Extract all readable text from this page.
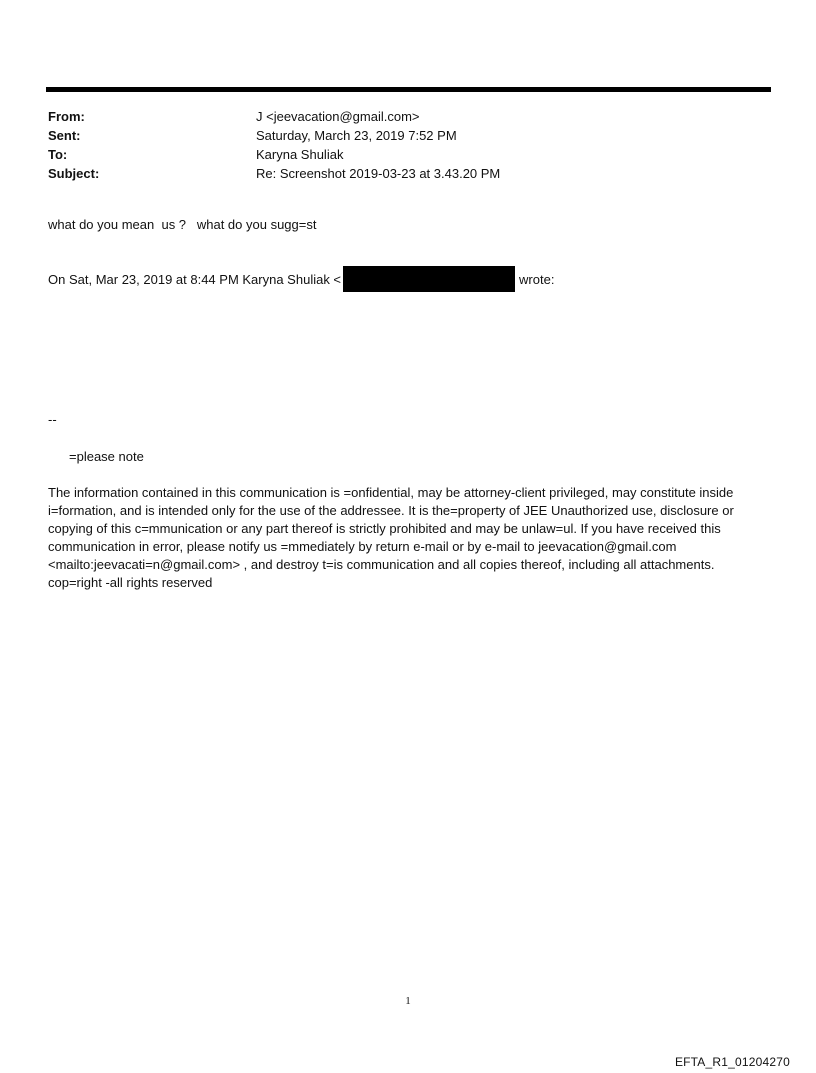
From:	J <jeevacation@gmail.com>
Sent:	Saturday, March 23, 2019 7:52 PM
To:	Karyna Shuliak
Subject:	Re: Screenshot 2019-03-23 at 3.43.20 PM
what do you mean  us ?   what do you sugg=st
On Sat, Mar 23, 2019 at 8:44 PM Karyna Shuliak <	wrote:
--
=please note
The information contained in this communication is =onfidential, may be attorney-client privileged, may constitute inside i=formation, and is intended only for the use of the addressee. It is the=property of JEE Unauthorized use, disclosure or copying of this c=mmunication or any part thereof is strictly prohibited and may be unlaw=ul. If you have received this communication in error, please notify us =mmediately by return e-mail or by e-mail to jeevacation@gmail.com <mailto:jeevacati=n@gmail.com> , and destroy t=is communication and all copies thereof, including all attachments. cop=right -all rights reserved
1
EFTA_R1_01204270
